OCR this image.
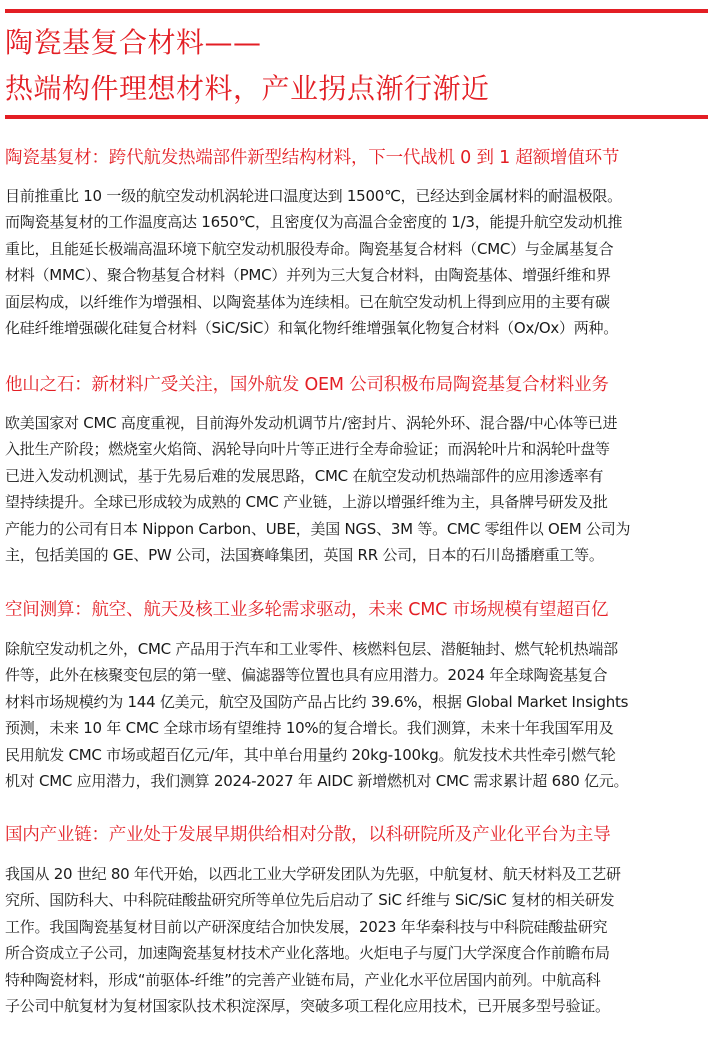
陶瓷基复合材料——
热端构件理想材料，产业拐点渐行渐近
陶瓷基复材：跨代航发热端部件新型结构材料，下一代战机 0 到 1 超额增值环节
目前推重比 10 一级的航空发动机涡轮进口温度达到 1500℃，已经达到金属材料的耐温极限。
而陶瓷基复材的工作温度高达 1650℃，且密度仅为高温合金密度的 1/3，能提升航空发动机推
重比，且能延长极端高温环境下航空发动机服役寿命。陶瓷基复合材料（CMC）与金属基复合
材料（MMC）、聚合物基复合材料（PMC）并列为三大复合材料，由陶瓷基体、增强纤维和界
面层构成，以纤维作为增强相、以陶瓷基体为连续相。已在航空发动机上得到应用的主要有碳
化硅纤维增强碳化硅复合材料（SiC/SiC）和氧化物纤维增强氧化物复合材料（Ox/Ox）两种。
他山之石：新材料广受关注，国外航发 OEM 公司积极布局陶瓷基复合材料业务
欧美国家对 CMC 高度重视，目前海外发动机调节片/密封片、涡轮外环、混合器/中心体等已进
入批生产阶段；燃烧室火焰筒、涡轮导向叶片等正进行全寿命验证；而涡轮叶片和涡轮叶盘等
已进入发动机测试，基于先易后难的发展思路，CMC 在航空发动机热端部件的应用渗透率有
望持续提升。全球已形成较为成熟的 CMC 产业链，上游以增强纤维为主，具备牌号研发及批
产能力的公司有日本 Nippon Carbon、UBE，美国 NGS、3M 等。CMC 零组件以 OEM 公司为
主，包括美国的 GE、PW 公司，法国赛峰集团，英国 RR 公司，日本的石川岛播磨重工等。
空间测算：航空、航天及核工业多轮需求驱动，未来 CMC 市场规模有望超百亿
除航空发动机之外，CMC 产品用于汽车和工业零件、核燃料包层、潜艇轴封、燃气轮机热端部
件等，此外在核聚变包层的第一壁、偏滤器等位置也具有应用潜力。2024 年全球陶瓷基复合
材料市场规模约为 144 亿美元，航空及国防产品占比约 39.6%，根据 Global Market Insights
预测，未来 10 年 CMC 全球市场有望维持 10%的复合增长。我们测算，未来十年我国军用及
民用航发 CMC 市场或超百亿元/年，其中单台用量约 20kg-100kg。航发技术共性牵引燃气轮
机对 CMC 应用潜力，我们测算 2024-2027 年 AIDC 新增燃机对 CMC 需求累计超 680 亿元。
国内产业链：产业处于发展早期供给相对分散，以科研院所及产业化平台为主导
我国从 20 世纪 80 年代开始，以西北工业大学研发团队为先驱，中航复材、航天材料及工艺研
究所、国防科大、中科院硅酸盐研究所等单位先后启动了 SiC 纤维与 SiC/SiC 复材的相关研发
工作。我国陶瓷基复材目前以产研深度结合加快发展，2023 年华秦科技与中科院硅酸盐研究
所合资成立子公司，加速陶瓷基复材技术产业化落地。火炬电子与厦门大学深度合作前瞻布局
特种陶瓷材料，形成“前驱体-纤维”的完善产业链布局，产业化水平位居国内前列。中航高科
子公司中航复材为复材国家队技术积淀深厚，突破多项工程化应用技术，已开展多型号验证。
